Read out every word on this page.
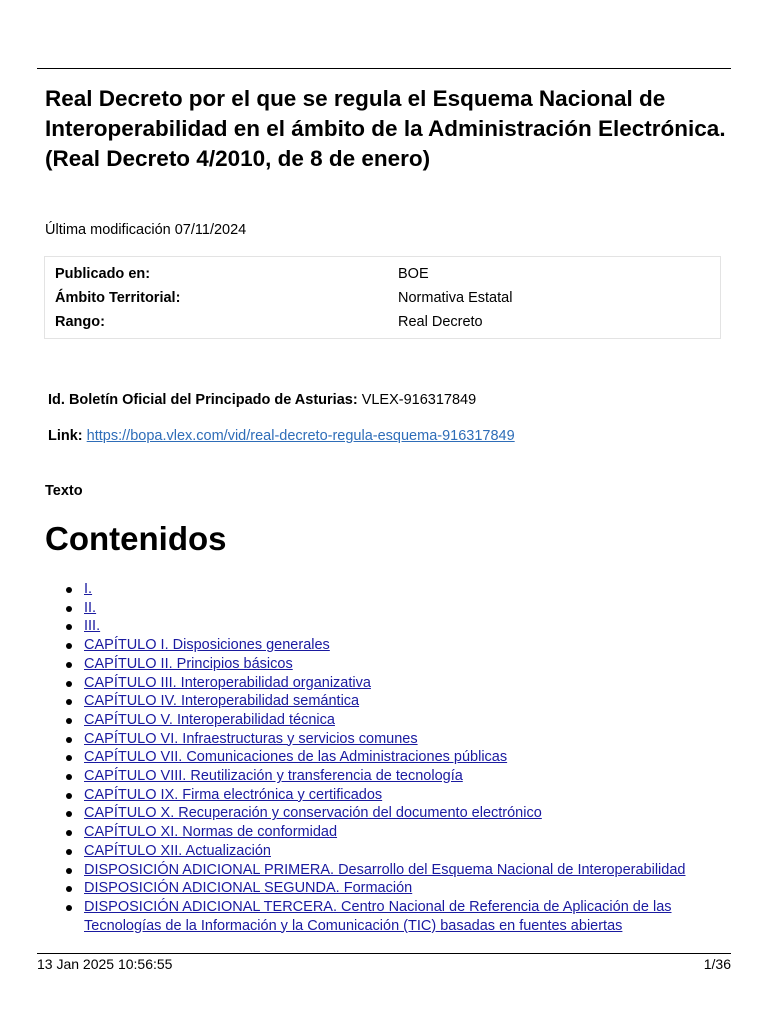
Real Decreto por el que se regula el Esquema Nacional de Interoperabilidad en el ámbito de la Administración Electrónica. (Real Decreto 4/2010, de 8 de enero)
Última modificación 07/11/2024
Publicado en:	BOE
Ámbito Territorial:	Normativa Estatal
Rango:	Real Decreto
Id. Boletín Oficial del Principado de Asturias: VLEX-916317849
Link: https://bopa.vlex.com/vid/real-decreto-regula-esquema-916317849
Texto
Contenidos
I.
II.
III.
CAPÍTULO I. Disposiciones generales
CAPÍTULO II. Principios básicos
CAPÍTULO III. Interoperabilidad organizativa
CAPÍTULO IV. Interoperabilidad semántica
CAPÍTULO V. Interoperabilidad técnica
CAPÍTULO VI. Infraestructuras y servicios comunes
CAPÍTULO VII. Comunicaciones de las Administraciones públicas
CAPÍTULO VIII. Reutilización y transferencia de tecnología
CAPÍTULO IX. Firma electrónica y certificados
CAPÍTULO X. Recuperación y conservación del documento electrónico
CAPÍTULO XI. Normas de conformidad
CAPÍTULO XII. Actualización
DISPOSICIÓN ADICIONAL PRIMERA. Desarrollo del Esquema Nacional de Interoperabilidad
DISPOSICIÓN ADICIONAL SEGUNDA. Formación
DISPOSICIÓN ADICIONAL TERCERA. Centro Nacional de Referencia de Aplicación de las Tecnologías de la Información y la Comunicación (TIC) basadas en fuentes abiertas
13 Jan 2025 10:56:55	1/36
